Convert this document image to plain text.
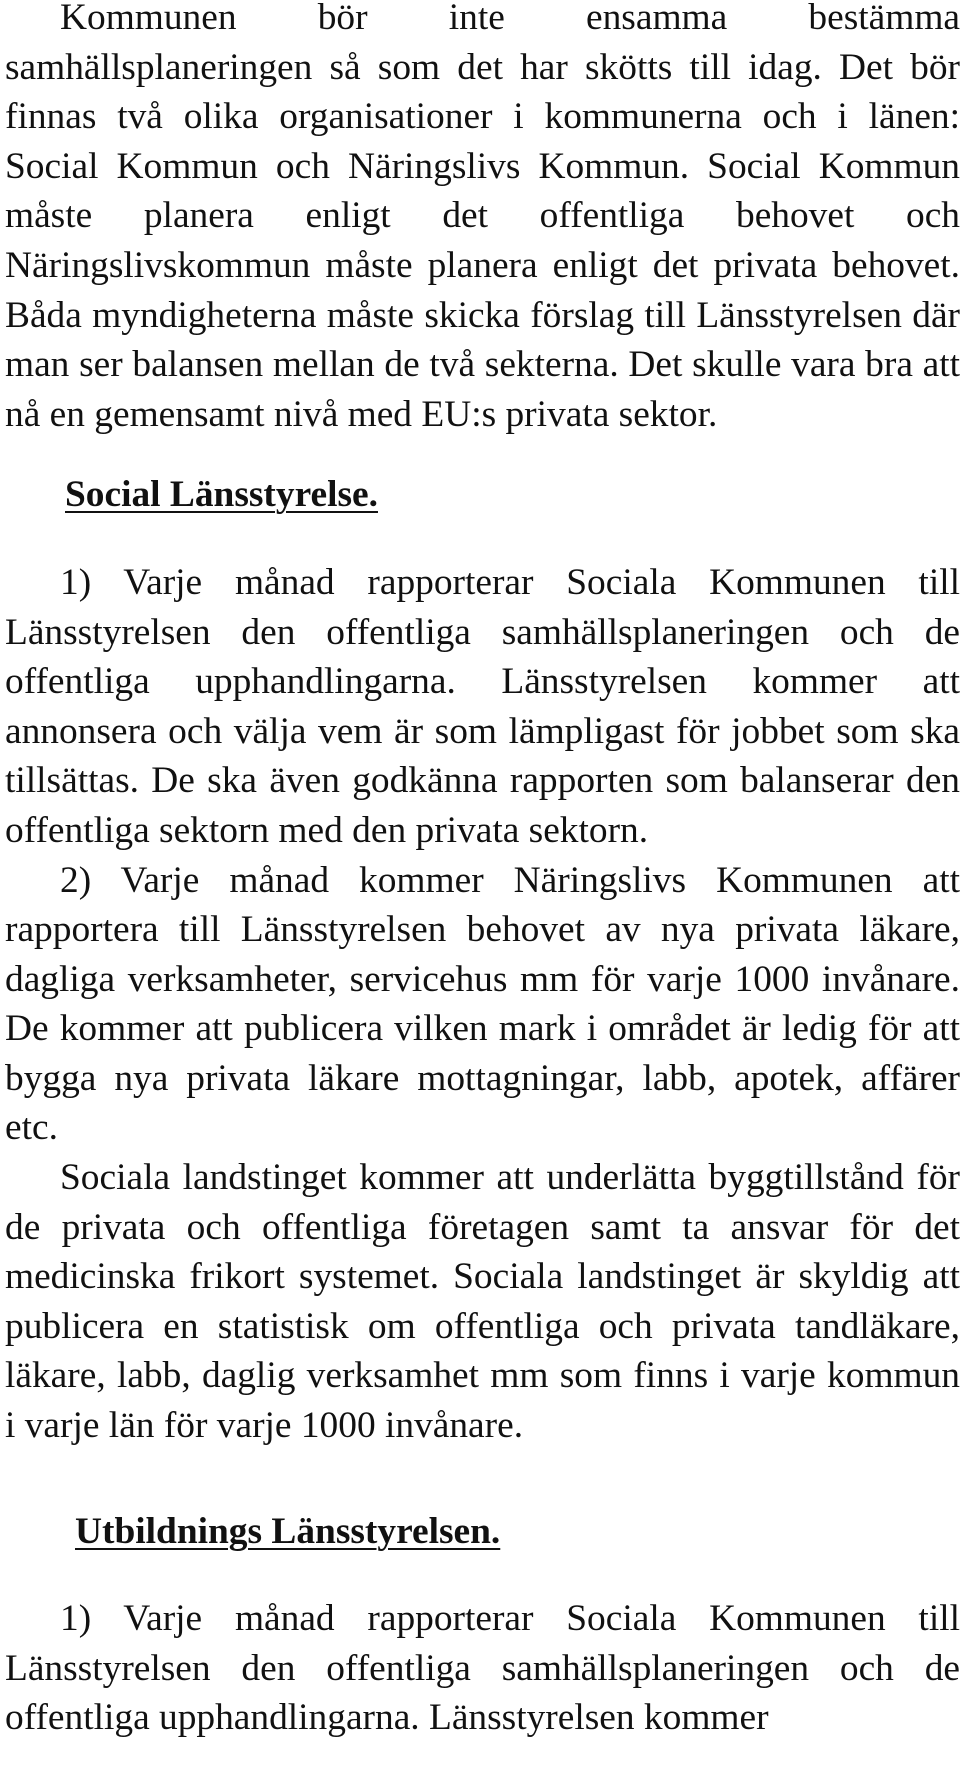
Kommunen bör inte ensamma bestämma samhällsplaneringen så som det har skötts till idag. Det bör finnas två olika organisationer i kommunerna och i länen: Social Kommun och Näringslivs Kommun. Social Kommun måste planera enligt det offentliga behovet och Näringslivskommun måste planera enligt det privata behovet. Båda myndigheterna måste skicka förslag till Länsstyrelsen där man ser balansen mellan de två sekterna. Det skulle vara bra att nå en gemensamt nivå med EU:s privata sektor.

Social Länsstyrelse.

1) Varje månad rapporterar Sociala Kommunen till Länsstyrelsen den offentliga samhällsplaneringen och de offentliga upphandlingarna. Länsstyrelsen kommer att annonsera och välja vem är som lämpligast för jobbet som ska tillsättas. De ska även godkänna rapporten som balanserar den offentliga sektorn med den privata sektorn.

2) Varje månad kommer Näringslivs Kommunen att rapportera till Länsstyrelsen behovet av nya privata läkare, dagliga verksamheter, servicehus mm för varje 1000 invånare. De kommer att publicera vilken mark i området är ledig för att bygga nya privata läkare mottagningar, labb, apotek, affärer etc.

Sociala landstinget kommer att underlätta byggtillstånd för de privata och offentliga företagen samt ta ansvar för det medicinska frikort systemet. Sociala landstinget är skyldig att publicera en statistisk om offentliga och privata tandläkare, läkare, labb, daglig verksamhet mm som finns i varje kommun i varje län för varje 1000 invånare.

Utbildnings Länsstyrelsen.

1) Varje månad rapporterar Sociala Kommunen till Länsstyrelsen den offentliga samhällsplaneringen och de offentliga upphandlingarna. Länsstyrelsen kommer
